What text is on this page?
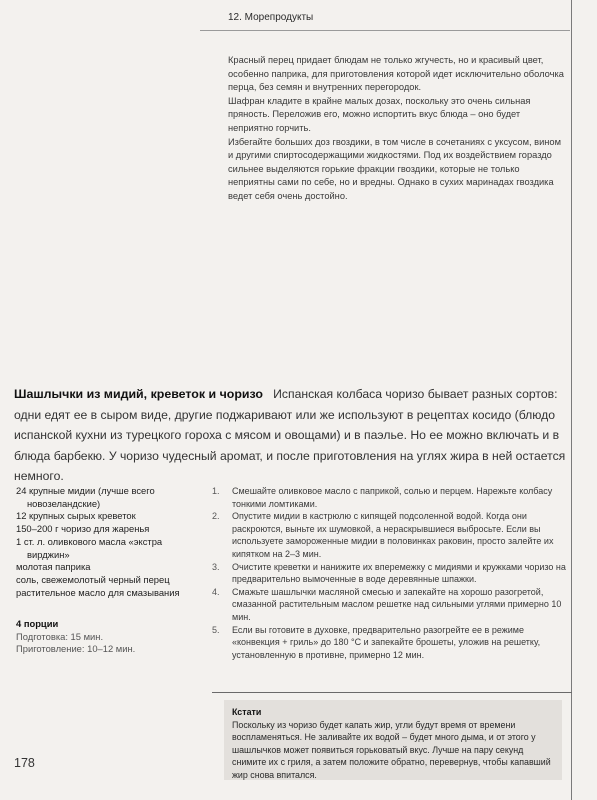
12. Морепродукты

Красный перец придает блюдам не только жгучесть, но и красивый цвет, особенно паприка, для приготовления которой идет исключительно оболочка перца, без семян и внутренних перегородок.

Шафран кладите в крайне малых дозах, поскольку это очень сильная пряность. Переложив его, можно испортить вкус блюда – оно будет неприятно горчить.

Избегайте больших доз гвоздики, в том числе в сочетаниях с уксусом, вином и другими спиртосодержащими жидкостями. Под их воздействием гораздо сильнее выделяются горькие фракции гвоздики, которые не только неприятны сами по себе, но и вредны. Однако в сухих маринадах гвоздика ведет себя очень достойно.

Шашлычки из мидий, креветок и чоризо Испанская колбаса чоризо бывает разных сортов: одни едят ее в сыром виде, другие поджаривают или же используют в рецептах косидо (блюдо испанской кухни из турецкого гороха с мясом и овощами) и в паэлье. Но ее можно включать и в блюда барбекю. У чоризо чудесный аромат, и после приготовления на углях жира в ней остается немного.

24 крупные мидии (лучше всего

новозеландские)

12 крупных сырых креветок

150–200 г чоризо для жаренья

1 ст. л. оливкового масла «экстра

вирджин»

молотая паприка

соль, свежемолотый черный перец

растительное масло для смазывания

4 порции
Подготовка: 15 мин.
Приготовление: 10–12 мин.

1. Смешайте оливковое масло с паприкой, солью и перцем. Нарежьте колбасу тонкими ломтиками.

2. Опустите мидии в кастрюлю с кипящей подсоленной водой. Когда они раскроются, выньте их шумовкой, а нераскрывшиеся выбросьте. Если вы используете замороженные мидии в половинках раковин, просто залейте их кипятком на 2–3 мин.

3. Очистите креветки и нанижите их вперемежку с мидиями и кружками чоризо на предварительно вымоченные в воде деревянные шпажки.

4. Смажьте шашлычки масляной смесью и запекайте на хорошо разогретой, смазанной растительным маслом решетке над сильными углями примерно 10 мин.

5. Если вы готовите в духовке, предварительно разогрейте ее в режиме «конвекция + гриль» до 180 °С и запекайте брошеты, уложив на решетку, установленную в противне, примерно 12 мин.

Кстати
Поскольку из чоризо будет капать жир, угли будут время от времени воспламеняться. Не заливайте их водой – будет много дыма, и от этого у шашлычков может появиться горьковатый вкус. Лучше на пару секунд снимите их с гриля, а затем положите обратно, перевернув, чтобы капавший жир снова впитался.
178
